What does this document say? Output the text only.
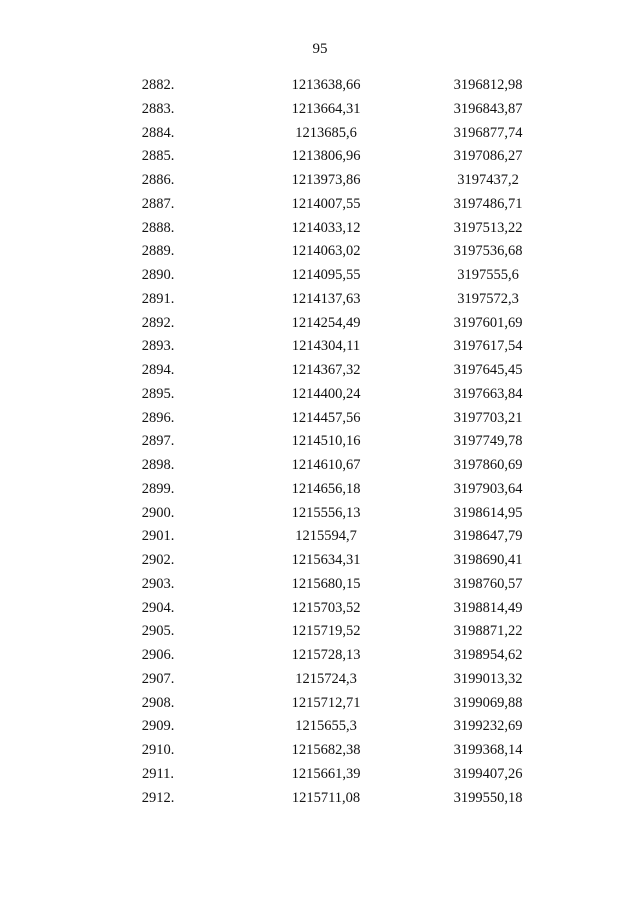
95
2882.	1213638,66	3196812,98
2883.	1213664,31	3196843,87
2884.	1213685,6	3196877,74
2885.	1213806,96	3197086,27
2886.	1213973,86	3197437,2
2887.	1214007,55	3197486,71
2888.	1214033,12	3197513,22
2889.	1214063,02	3197536,68
2890.	1214095,55	3197555,6
2891.	1214137,63	3197572,3
2892.	1214254,49	3197601,69
2893.	1214304,11	3197617,54
2894.	1214367,32	3197645,45
2895.	1214400,24	3197663,84
2896.	1214457,56	3197703,21
2897.	1214510,16	3197749,78
2898.	1214610,67	3197860,69
2899.	1214656,18	3197903,64
2900.	1215556,13	3198614,95
2901.	1215594,7	3198647,79
2902.	1215634,31	3198690,41
2903.	1215680,15	3198760,57
2904.	1215703,52	3198814,49
2905.	1215719,52	3198871,22
2906.	1215728,13	3198954,62
2907.	1215724,3	3199013,32
2908.	1215712,71	3199069,88
2909.	1215655,3	3199232,69
2910.	1215682,38	3199368,14
2911.	1215661,39	3199407,26
2912.	1215711,08	3199550,18
